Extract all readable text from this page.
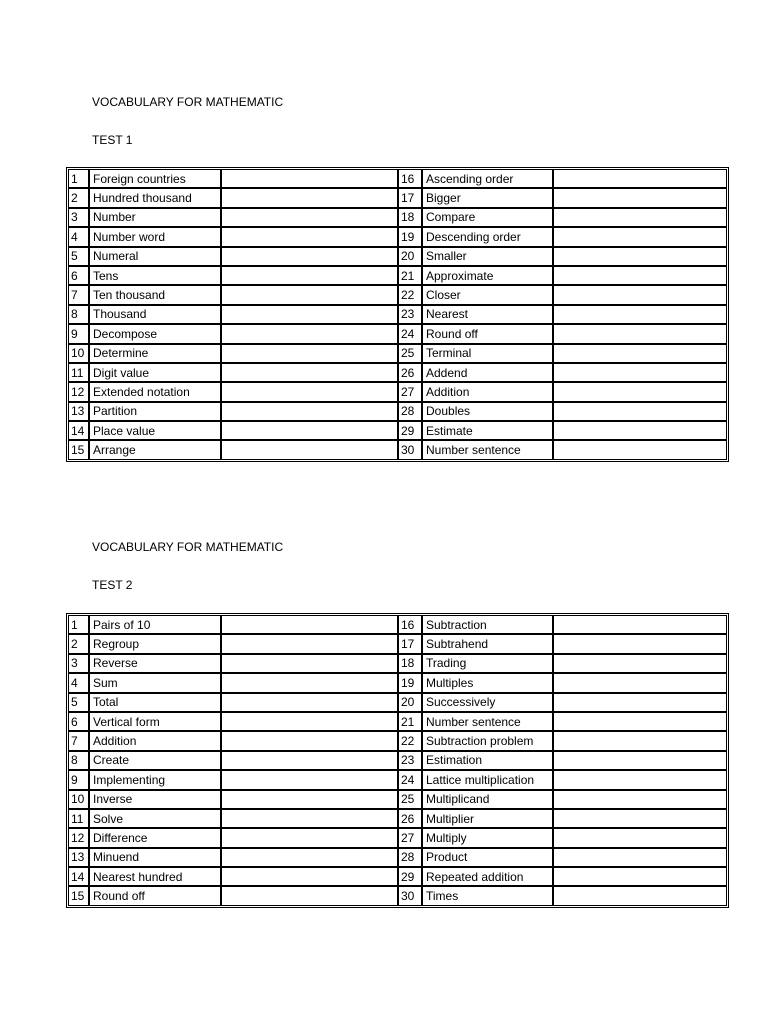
VOCABULARY FOR MATHEMATIC
TEST 1
1	Foreign countries		16	Ascending order	
2	Hundred thousand		17	Bigger	
3	Number		18	Compare	
4	Number word		19	Descending order	
5	Numeral		20	Smaller	
6	Tens		21	Approximate	
7	Ten thousand		22	Closer	
8	Thousand		23	Nearest	
9	Decompose		24	Round off	
10	Determine		25	Terminal	
11	Digit value		26	Addend	
12	Extended notation		27	Addition	
13	Partition		28	Doubles	
14	Place value		29	Estimate	
15	Arrange		30	Number sentence	
VOCABULARY FOR MATHEMATIC
TEST 2
1	Pairs of 10		16	Subtraction	
2	Regroup		17	Subtrahend	
3	Reverse		18	Trading	
4	Sum		19	Multiples	
5	Total		20	Successively	
6	Vertical form		21	Number sentence	
7	Addition		22	Subtraction problem	
8	Create		23	Estimation	
9	Implementing		24	Lattice multiplication	
10	Inverse		25	Multiplicand	
11	Solve		26	Multiplier	
12	Difference		27	Multiply	
13	Minuend		28	Product	
14	Nearest hundred		29	Repeated addition	
15	Round off		30	Times	
